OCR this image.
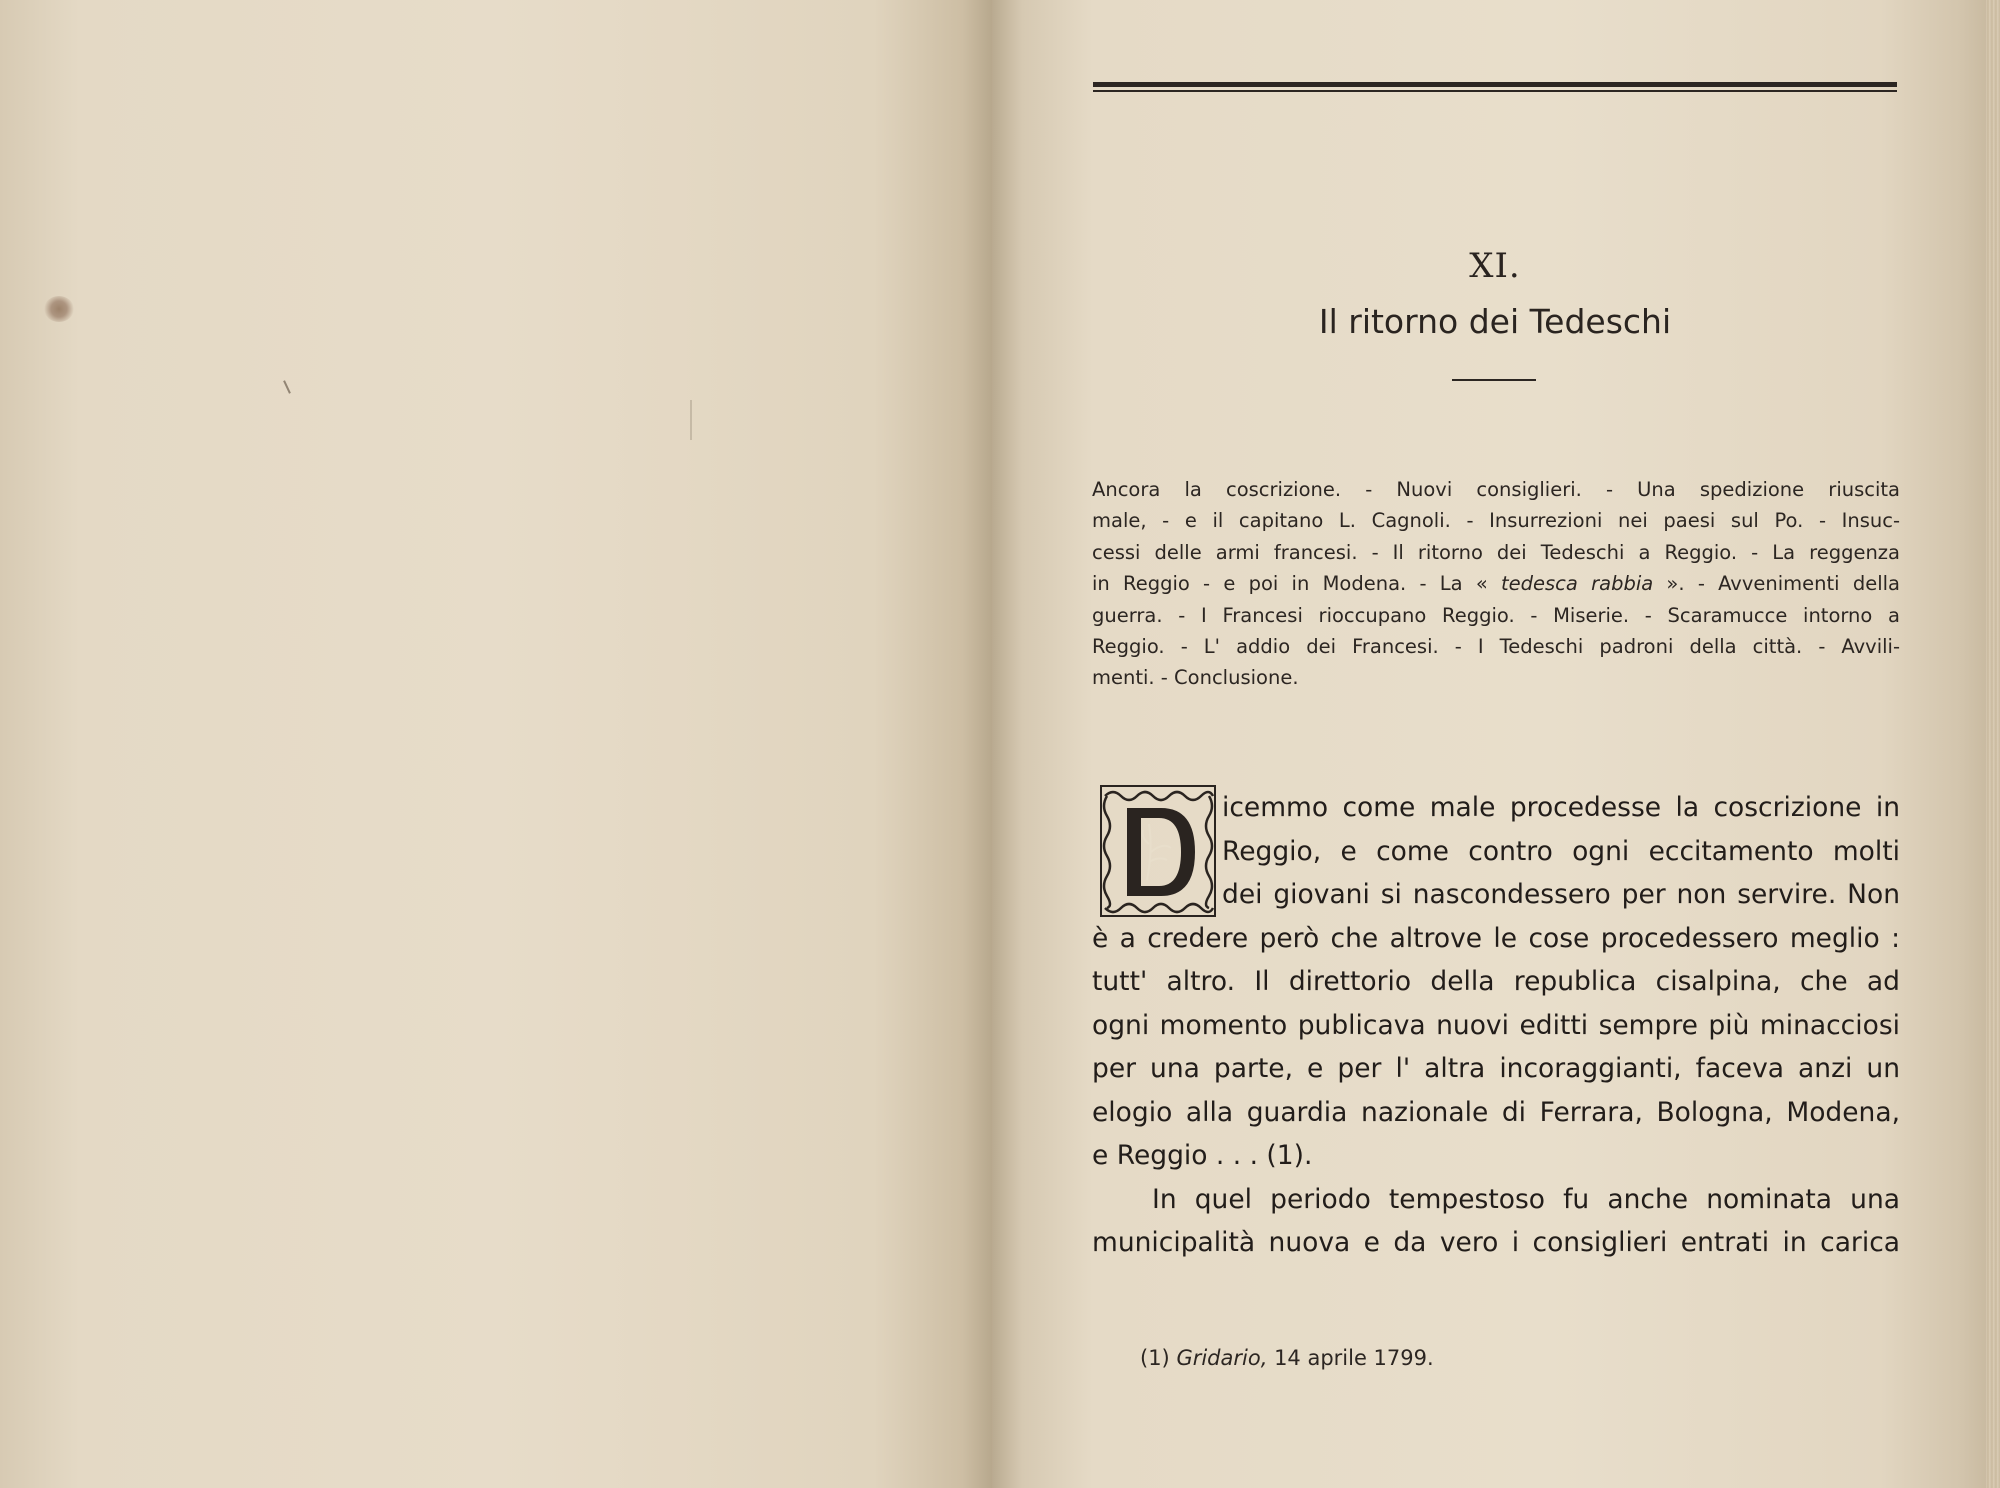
XI.
Il ritorno dei Tedeschi
Ancora la coscrizione. - Nuovi consiglieri. - Una spedizione riuscita
male, - e il capitano L. Cagnoli. - Insurrezioni nei paesi sul Po. - Insuc-
cessi delle armi francesi. - Il ritorno dei Tedeschi a Reggio. - La reggenza
in Reggio - e poi in Modena. - La « tedesca rabbia ». - Avvenimenti della
guerra. - I Francesi rioccupano Reggio. - Miserie. - Scaramucce intorno a
Reggio. - L' addio dei Francesi. - I Tedeschi padroni della città. - Avvili-
menti. - Conclusione.
D
icemmo come male procedesse la coscrizione in
Reggio, e come contro ogni eccitamento molti
dei giovani si nascondessero per non servire. Non
è a credere però che altrove le cose procedessero meglio :
tutt' altro. Il direttorio della republica cisalpina, che ad
ogni momento publicava nuovi editti sempre più minacciosi
per una parte, e per l' altra incoraggianti, faceva anzi un
elogio alla guardia nazionale di Ferrara, Bologna, Modena,
e Reggio . . . (1).
In quel periodo tempestoso fu anche nominata una
municipalità nuova e da vero i consiglieri entrati in carica
(1) Gridario, 14 aprile 1799.
